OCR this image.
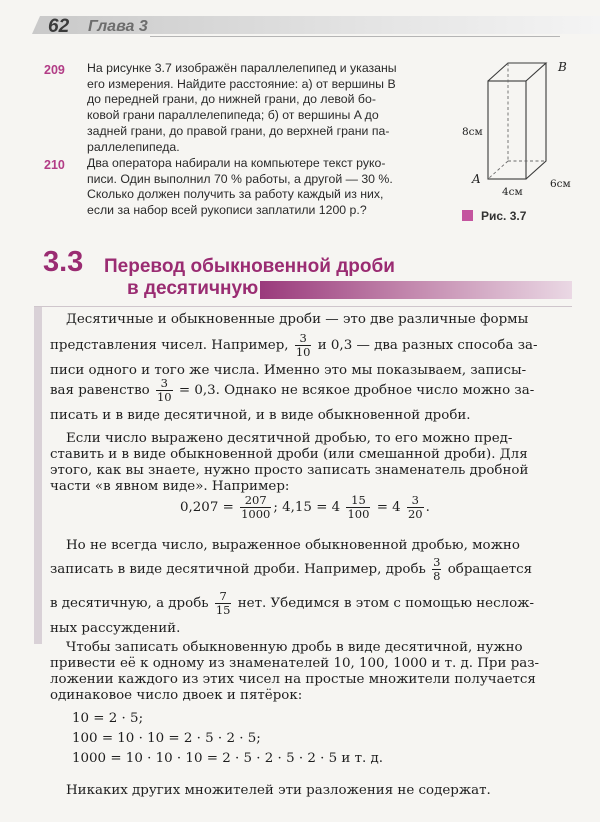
62 Глава 3
209 На рисунке 3.7 изображён параллелепипед и указаны
его измерения. Найдите расстояние: а) от вершины B
до передней грани, до нижней грани, до левой бо-
ковой грани параллелепипеда; б) от вершины A до
задней грани, до правой грани, до верхней грани па-
раллелепипеда.
210 Два оператора набирали на компьютере текст руко-
писи. Один выполнил 70 % работы, а другой — 30 %.
Сколько должен получить за работу каждый из них,
если за набор всей рукописи заплатили 1200 р.?
B
A
8см
4см
6см
Рис. 3.7
3.3 Перевод обыкновенной дроби
в десятичную
Десятичные и обыкновенные дроби — это две различные формы
представления чисел. Например, $\frac{3}{10}$ и 0,3 — два разных способа за-
писи одного и того же числа. Именно это мы показываем, записы-
вая равенство $\frac{3}{10} = 0,3$. Однако не всякое дробное число можно за-
писать и в виде десятичной, и в виде обыкновенной дроби.
Если число выражено десятичной дробью, то его можно пред-
ставить и в виде обыкновенной дроби (или смешанной дроби). Для
этого, как вы знаете, нужно просто записать знаменатель дробной
части «в явном виде». Например:
$0,207 = \frac{207}{1000}$ ; $4,15 = 4 \frac{15}{100} = 4 \frac{3}{20}$ .
Но не всегда число, выраженное обыкновенной дробью, можно
записать в виде десятичной дроби. Например, дробь $\frac{3}{8}$ обращается
в десятичную, а дробь $\frac{7}{15}$ нет. Убедимся в этом с помощью неслож-
ных рассуждений.
Чтобы записать обыкновенную дробь в виде десятичной, нужно
привести её к одному из знаменателей 10, 100, 1000 и т. д. При раз-
ложении каждого из этих чисел на простые множители получается
одинаковое число двоек и пятёрок:
10 = 2 · 5;
100 = 10 · 10 = 2 · 5 · 2 · 5;
1000 = 10 · 10 · 10 = 2 · 5 · 2 · 5 · 2 · 5 и т. д.
Никаких других множителей эти разложения не содержат.
